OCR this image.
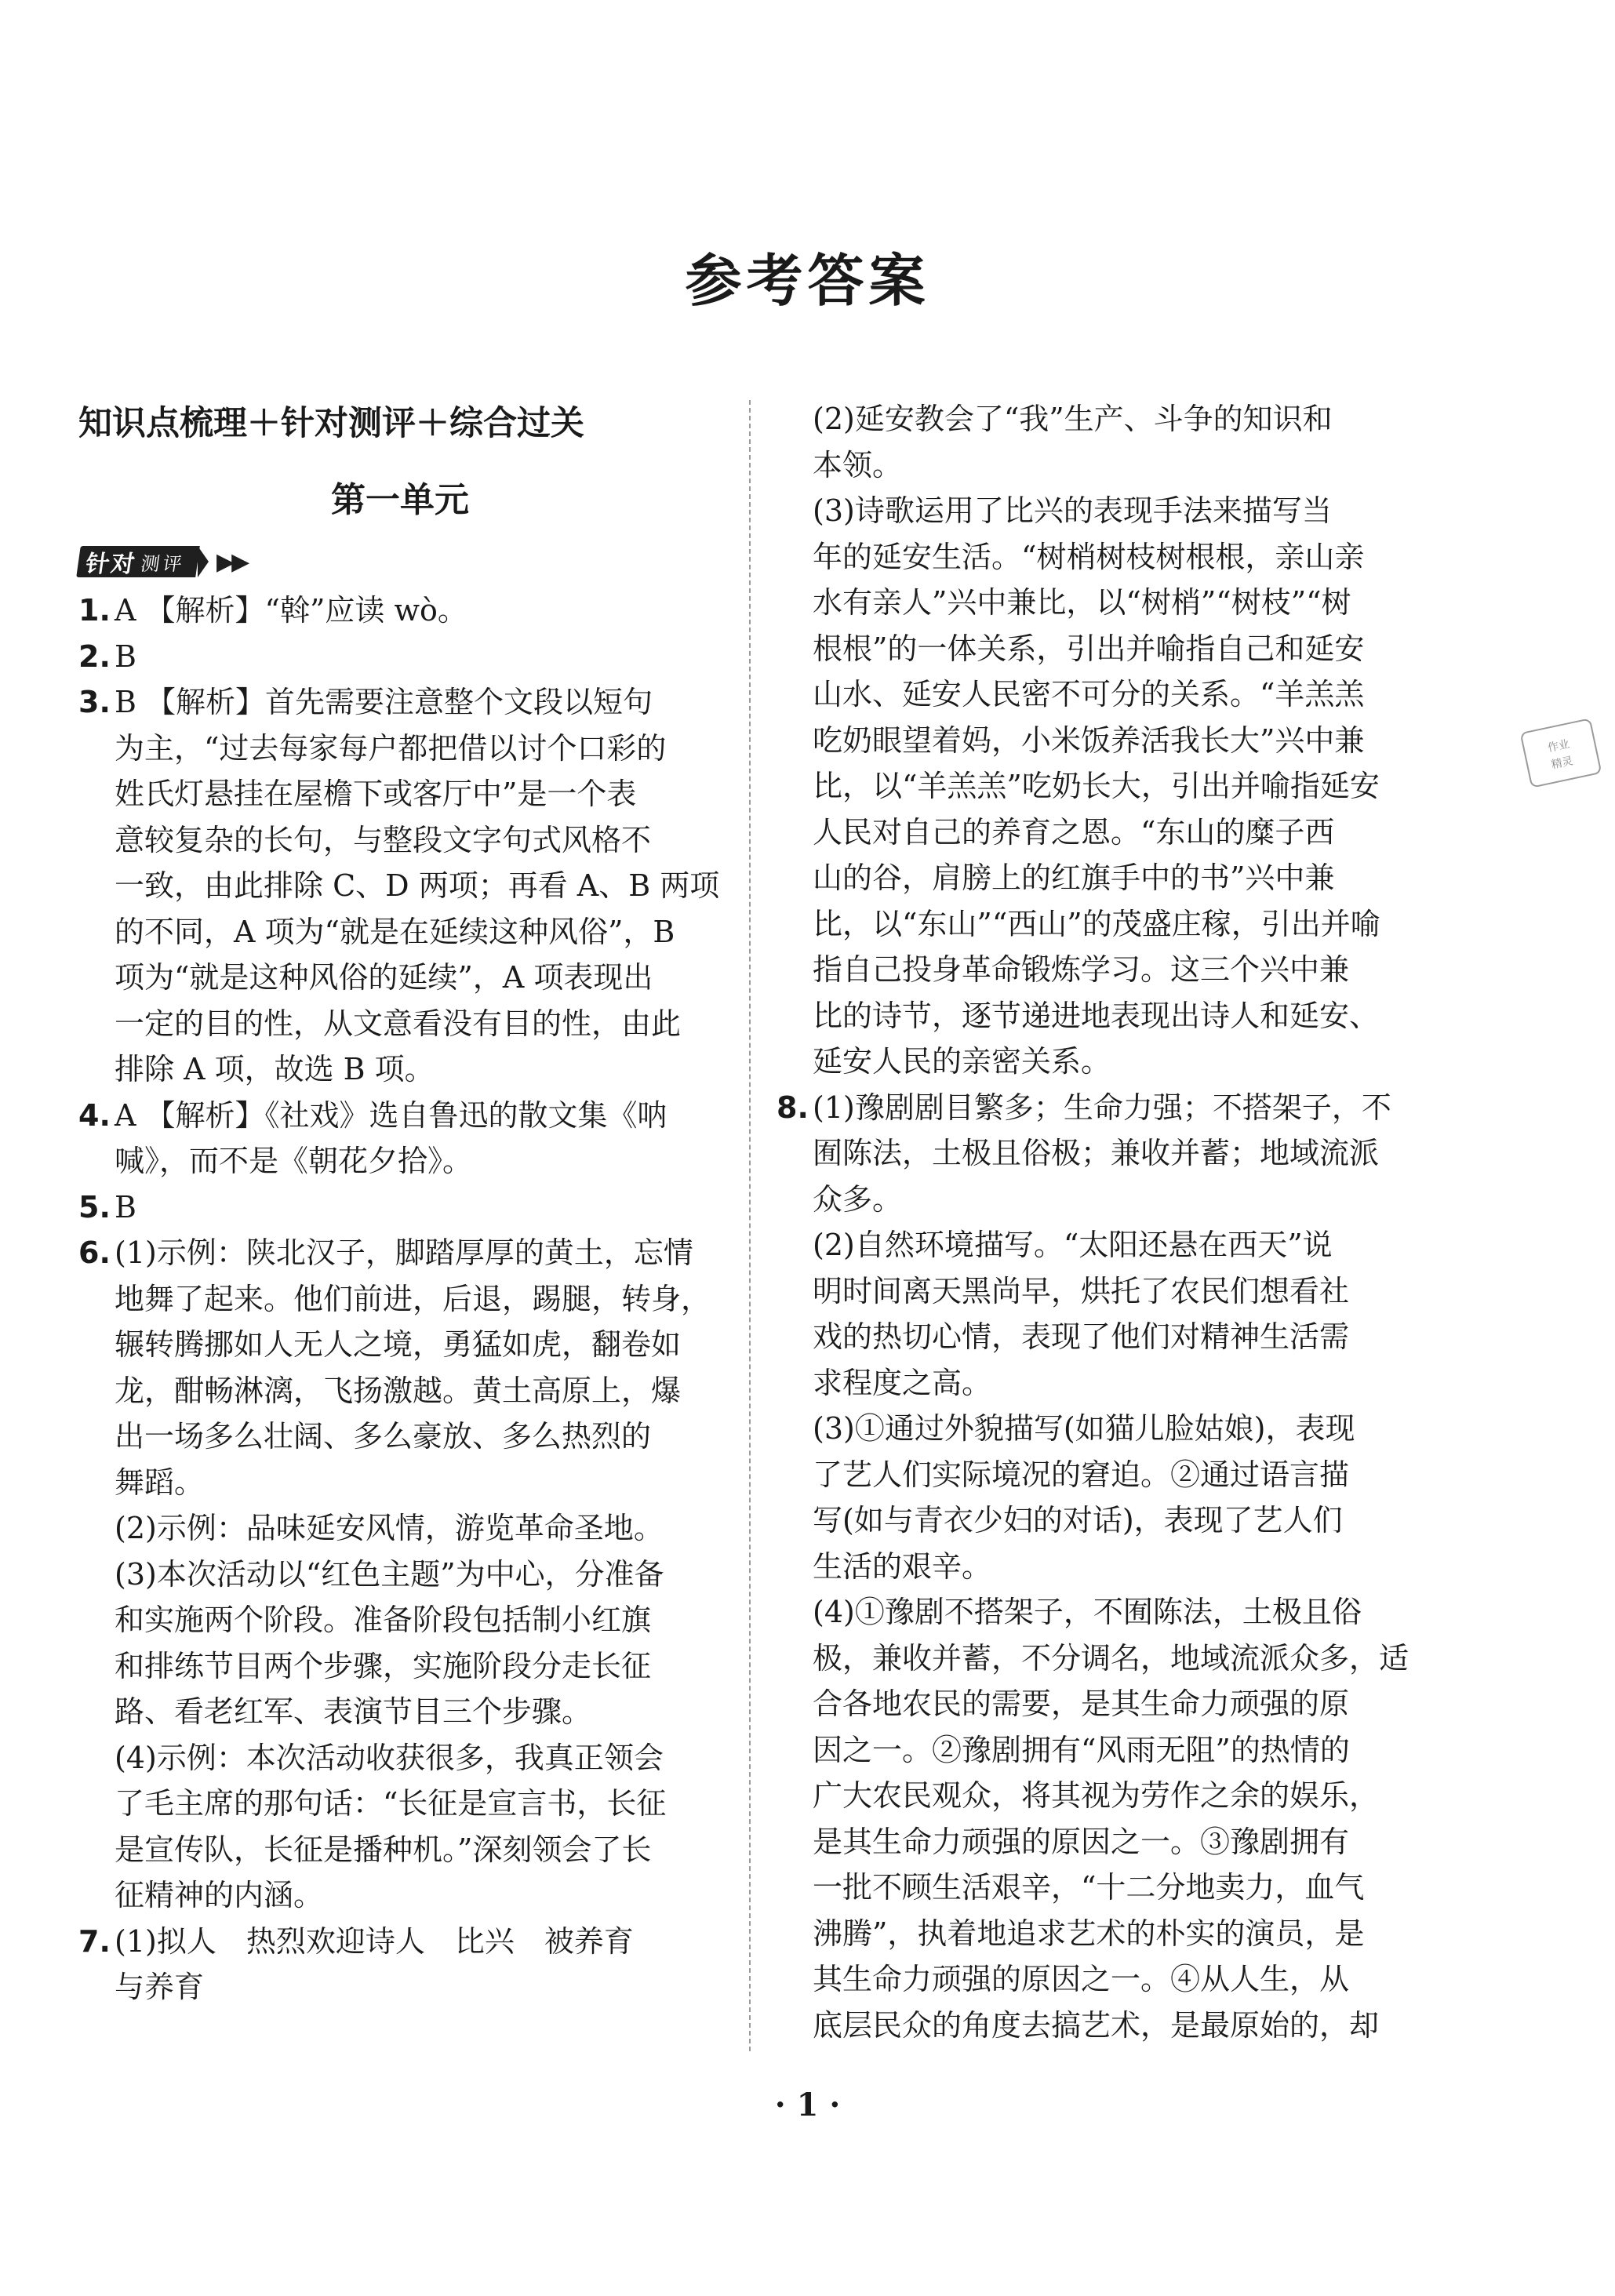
参考答案
知识点梳理＋针对测评＋综合过关
第一单元
针对 测评 ▶▶
1. A 【解析】“斡”应读 wò。
2. B
3. B 【解析】首先需要注意整个文段以短句
为主，“过去每家每户都把借以讨个口彩的
姓氏灯悬挂在屋檐下或客厅中”是一个表
意较复杂的长句，与整段文字句式风格不
一致，由此排除 C、D 两项；再看 A、B 两项
的不同，A 项为“就是在延续这种风俗”，B
项为“就是这种风俗的延续”，A 项表现出
一定的目的性，从文意看没有目的性，由此
排除 A 项，故选 B 项。
4. A 【解析】《社戏》选自鲁迅的散文集《呐
喊》，而不是《朝花夕拾》。
5. B
6. (1)示例：陕北汉子，脚踏厚厚的黄土，忘情
地舞了起来。他们前进，后退，踢腿，转身，
辗转腾挪如人无人之境，勇猛如虎，翻卷如
龙，酣畅淋漓，飞扬激越。黄土高原上，爆
出一场多么壮阔、多么豪放、多么热烈的
舞蹈。
(2)示例：品味延安风情，游览革命圣地。
(3)本次活动以“红色主题”为中心，分准备
和实施两个阶段。准备阶段包括制小红旗
和排练节目两个步骤，实施阶段分走长征
路、看老红军、表演节目三个步骤。
(4)示例：本次活动收获很多，我真正领会
了毛主席的那句话：“长征是宣言书，长征
是宣传队，长征是播种机。”深刻领会了长
征精神的内涵。
7. (1)拟人　热烈欢迎诗人　比兴　被养育
与养育
(2)延安教会了“我”生产、斗争的知识和
本领。
(3)诗歌运用了比兴的表现手法来描写当
年的延安生活。“树梢树枝树根根，亲山亲
水有亲人”兴中兼比，以“树梢”“树枝”“树
根根”的一体关系，引出并喻指自己和延安
山水、延安人民密不可分的关系。“羊羔羔
吃奶眼望着妈，小米饭养活我长大”兴中兼
比，以“羊羔羔”吃奶长大，引出并喻指延安
人民对自己的养育之恩。“东山的糜子西
山的谷，肩膀上的红旗手中的书”兴中兼
比，以“东山”“西山”的茂盛庄稼，引出并喻
指自己投身革命锻炼学习。这三个兴中兼
比的诗节，逐节递进地表现出诗人和延安、
延安人民的亲密关系。
8. (1)豫剧剧目繁多；生命力强；不搭架子，不
囿陈法，土极且俗极；兼收并蓄；地域流派
众多。
(2)自然环境描写。“太阳还悬在西天”说
明时间离天黑尚早，烘托了农民们想看社
戏的热切心情，表现了他们对精神生活需
求程度之高。
(3)①通过外貌描写(如猫儿脸姑娘)，表现
了艺人们实际境况的窘迫。②通过语言描
写(如与青衣少妇的对话)，表现了艺人们
生活的艰辛。
(4)①豫剧不搭架子，不囿陈法，土极且俗
极，兼收并蓄，不分调名，地域流派众多，适
合各地农民的需要，是其生命力顽强的原
因之一。②豫剧拥有“风雨无阻”的热情的
广大农民观众，将其视为劳作之余的娱乐，
是其生命力顽强的原因之一。③豫剧拥有
一批不顾生活艰辛，“十二分地卖力，血气
沸腾”，执着地追求艺术的朴实的演员，是
其生命力顽强的原因之一。④从人生，从
底层民众的角度去搞艺术，是最原始的，却
作业
精灵
· 1 ·
